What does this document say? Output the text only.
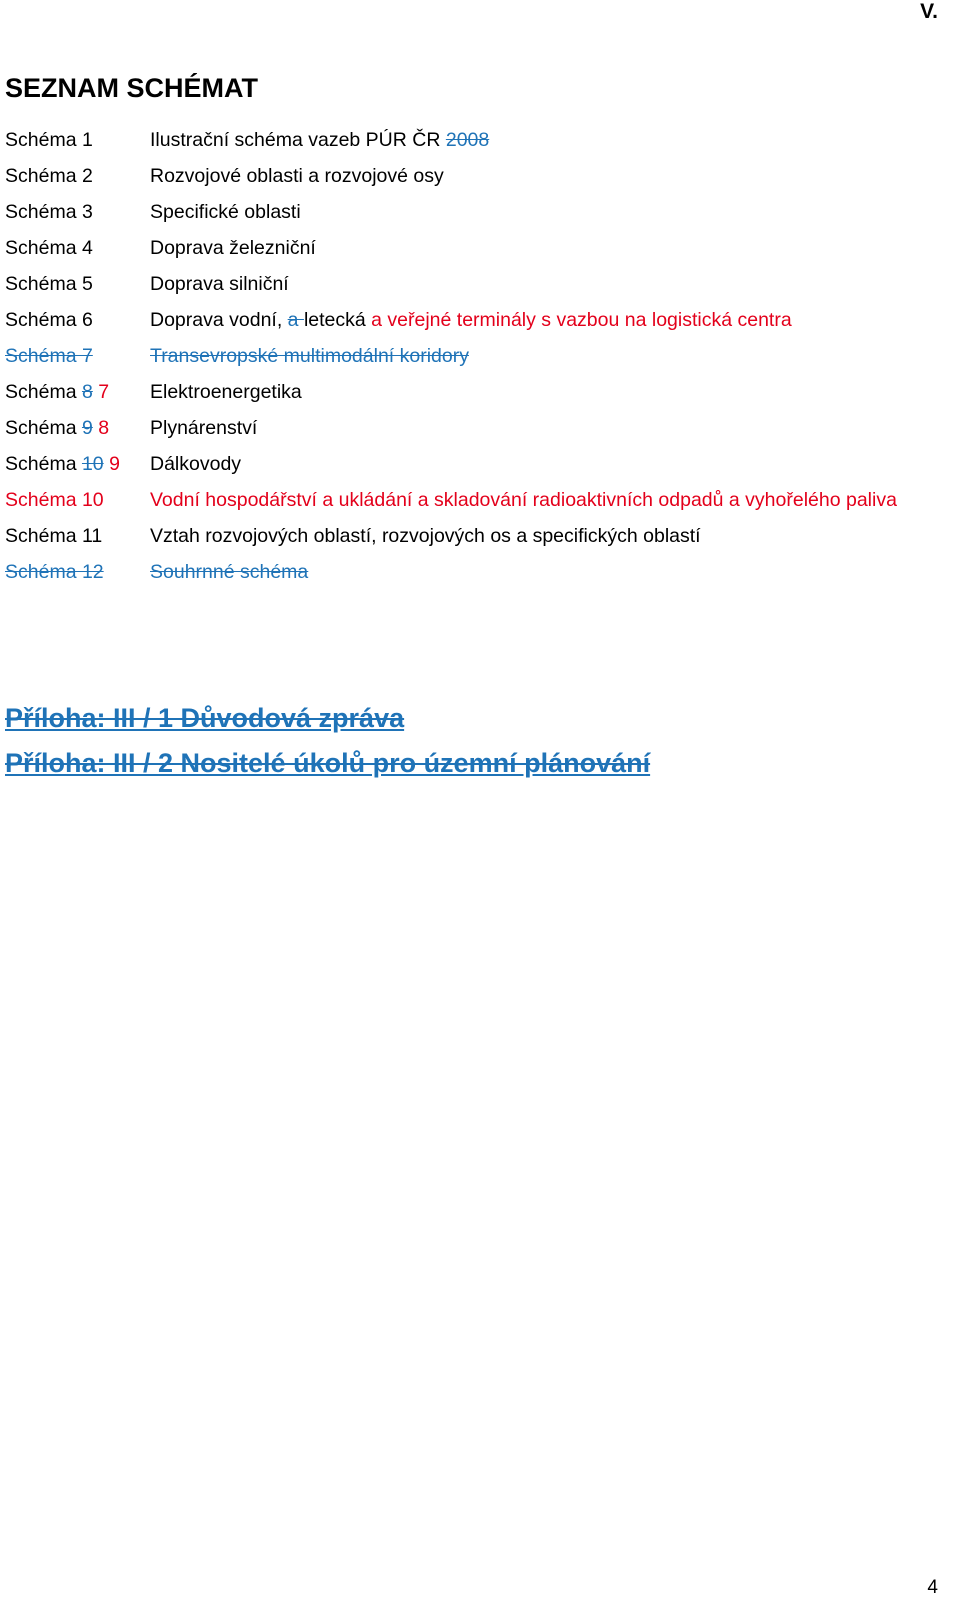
V.
SEZNAM SCHÉMAT
Schéma 1	Ilustrační schéma vazeb PÚR ČR 2008
Schéma 2	Rozvojové oblasti a rozvojové osy
Schéma 3	Specifické oblasti
Schéma 4	Doprava železniční
Schéma 5	Doprava silniční
Schéma 6	Doprava vodní, a letecká a veřejné terminály s vazbou na logistická centra
Schéma 7	Transevropské multimodální koridory
Schéma 8 7	Elektroenergetika
Schéma 9 8	Plynárenství
Schéma 10 9	Dálkovody
Schéma 10	Vodní hospodářství a ukládání a skladování radioaktivních odpadů a vyhořelého paliva
Schéma 11	Vztah rozvojových oblastí, rozvojových os a specifických oblastí
Schéma 12	Souhrnné schéma
Příloha: III / 1 Důvodová zpráva
Příloha: III / 2 Nositelé úkolů pro územní plánování
4
